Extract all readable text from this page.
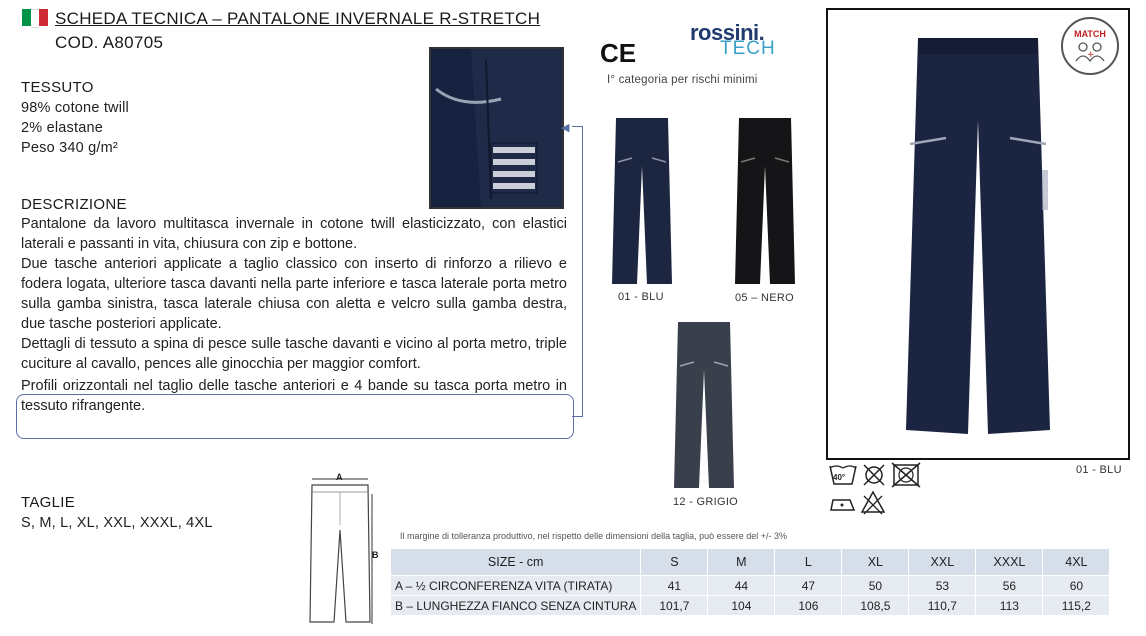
SCHEDA TECNICA – PANTALONE INVERNALE R-STRETCH
COD. A80705
TESSUTO
98% cotone twill
2% elastane
Peso 340 g/m²
◀
DESCRIZIONE

Pantalone da lavoro multitasca invernale in cotone twill elasticizzato, con elastici laterali e passanti in vita, chiusura con zip e bottone.

Due tasche anteriori applicate a taglio classico con inserto di rinforzo a rilievo e fodera logata, ulteriore tasca davanti nella parte inferiore e tasca laterale porta metro sulla gamba sinistra, tasca laterale chiusa con aletta e velcro sulla gamba destra, due tasche posteriori applicate.

Dettagli di tessuto a spina di pesce sulle tasche davanti e vicino al porta metro, triple cuciture al cavallo, pences alle ginocchia per maggior comfort.

Profili orizzontali nel taglio delle tasche anteriori e 4 bande su tasca porta metro in tessuto rifrangente.

TAGLIE
S, M, L, XL, XXL, XXXL, 4XL
A
B
CE
rossini.
TECH
I° categoria per rischi minimi
01 - BLU	05 – NERO
12 - GRIGIO
MATCH
+
01 - BLU
40°
Il margine di tolleranza produttivo, nel rispetto delle dimensioni della taglia, può essere del +/- 3%
SIZE - cm	S	M	L	XL	XXL	XXXL	4XL
A – ½ CIRCONFERENZA VITA (TIRATA)	41	44	47	50	53	56	60
B – LUNGHEZZA FIANCO SENZA CINTURA	101,7	104	106	108,5	110,7	113	115,2
